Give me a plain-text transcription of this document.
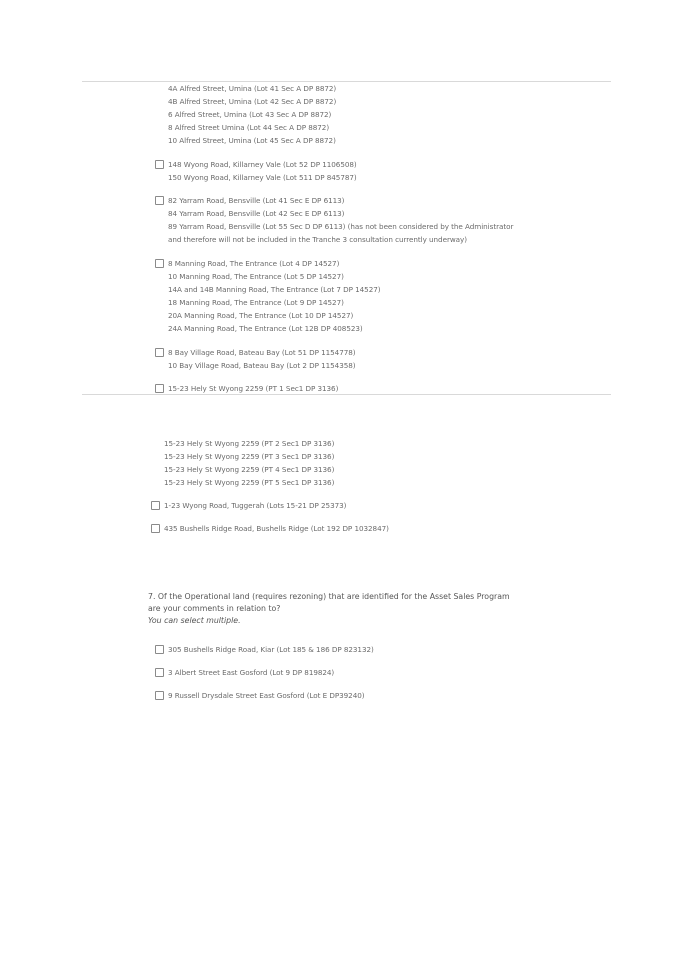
4A Alfred Street, Umina (Lot 41 Sec A DP 8872)
4B Alfred Street, Umina (Lot 42 Sec A DP 8872)
6 Alfred Street, Umina (Lot 43 Sec A DP 8872)
8 Alfred Street Umina (Lot 44 Sec A DP 8872)
10 Alfred Street, Umina (Lot 45 Sec A DP 8872)
148 Wyong Road, Killarney Vale (Lot 52 DP 1106508)
150 Wyong Road, Killarney Vale (Lot 511 DP 845787)
82 Yarram Road, Bensville (Lot 41 Sec E DP 6113)
84 Yarram Road, Bensville (Lot 42 Sec E DP 6113)
89 Yarram Road, Bensville (Lot 55 Sec D DP 6113) (has not been considered by the Administrator
and therefore will not be included in the Tranche 3 consultation currently underway)
8 Manning Road, The Entrance (Lot 4 DP 14527)
10 Manning Road, The Entrance (Lot 5 DP 14527)
14A and 14B Manning Road, The Entrance (Lot 7 DP 14527)
18 Manning Road, The Entrance (Lot 9 DP 14527)
20A Manning Road, The Entrance (Lot 10 DP 14527)
24A Manning Road, The Entrance (Lot 12B DP 408523)
8 Bay Village Road, Bateau Bay (Lot 51 DP 1154778)
10 Bay Village Road, Bateau Bay (Lot 2 DP 1154358)
15-23 Hely St Wyong 2259 (PT 1 Sec1 DP 3136)
15-23 Hely St Wyong 2259 (PT 2 Sec1 DP 3136)
15-23 Hely St Wyong 2259 (PT 3 Sec1 DP 3136)
15-23 Hely St Wyong 2259 (PT 4 Sec1 DP 3136)
15-23 Hely St Wyong 2259 (PT 5 Sec1 DP 3136)
1-23 Wyong Road, Tuggerah (Lots 15-21 DP 25373)
435 Bushells Ridge Road, Bushells Ridge (Lot 192 DP 1032847)
7. Of the Operational land (requires rezoning) that are identified for the Asset Sales Program
are your comments in relation to?
You can select multiple.
305 Bushells Ridge Road, Kiar (Lot 185 & 186 DP 823132)
3 Albert Street East Gosford (Lot 9 DP 819824)
9 Russell Drysdale Street East Gosford (Lot E DP39240)
